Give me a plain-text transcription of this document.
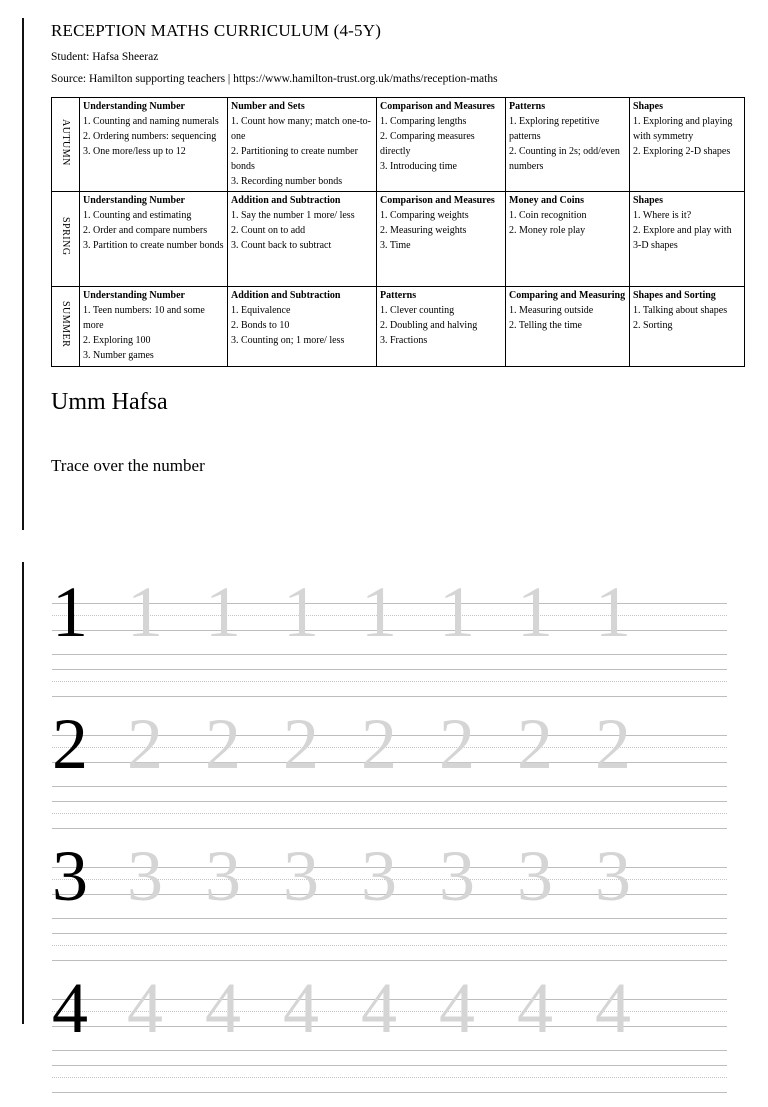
RECEPTION MATHS CURRICULUM (4-5Y)
Student: Hafsa Sheeraz
Source: Hamilton supporting teachers | https://www.hamilton-trust.org.uk/maths/reception-maths
AUTUMN	Understanding Number
1. Counting and naming numerals
2. Ordering numbers: sequencing
3. One more/less up to 12	Number and Sets
1. Count how many; match one-to-one
2. Partitioning to create number bonds
3. Recording number bonds	Comparison and Measures
1. Comparing lengths
2. Comparing measures directly
3. Introducing time	Patterns
1. Exploring repetitive patterns
2. Counting in 2s; odd/even numbers	Shapes
1. Exploring and playing with symmetry
2. Exploring 2-D shapes

SPRING	Understanding Number
1. Counting and estimating
2. Order and compare numbers
3. Partition to create number bonds	Addition and Subtraction
1. Say the number 1 more/ less
2. Count on to add
3. Count back to subtract	Comparison and Measures
1. Comparing weights
2. Measuring weights
3. Time	Money and Coins
1. Coin recognition
2. Money role play	Shapes
1. Where is it?
2. Explore and play with 3-D shapes

SUMMER	Understanding Number
1. Teen numbers: 10 and some more
2. Exploring 100
3. Number games	Addition and Subtraction
1. Equivalence
2. Bonds to 10
3. Counting on; 1 more/ less	Patterns
1. Clever counting
2. Doubling and halving
3. Fractions	Comparing and Measuring
1. Measuring outside
2. Telling the time	Shapes and Sorting
1. Talking about shapes
2. Sorting
Umm Hafsa
Trace over the number
1 1 1 1 1 1 1 1
2 2 2 2 2 2 2 2
3 3 3 3 3 3 3 3
4 4 4 4 4 4 4 4
